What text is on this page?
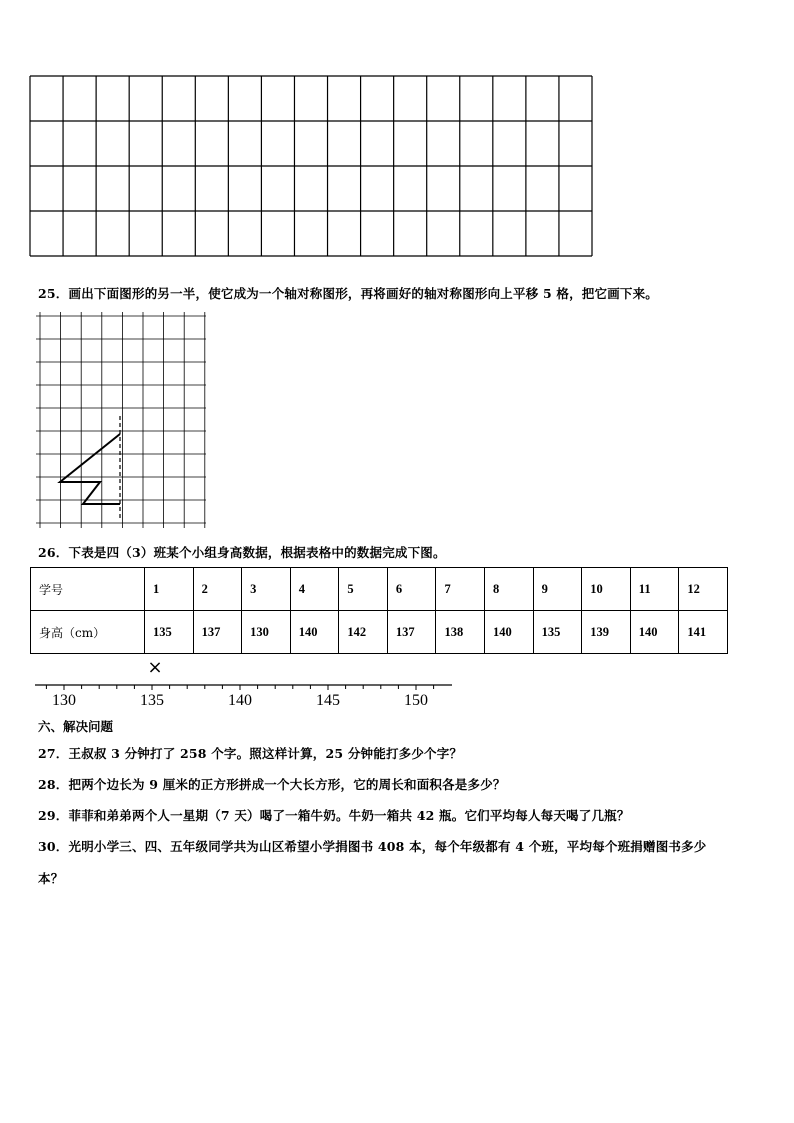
25．画出下面图形的另一半，使它成为一个轴对称图形，再将画好的轴对称图形向上平移 5 格，把它画下来。
26．下表是四（3）班某个小组身高数据，根据表格中的数据完成下图。
学号	1	2	3	4	5	6	7	8	9	10	11	12
身高（cm）	135	137	130	140	142	137	138	140	135	139	140	141
130	135	140	145	150
×
六、解决问题
27．王叔叔 3 分钟打了 258 个字。照这样计算，25 分钟能打多少个字？
28．把两个边长为 9 厘米的正方形拼成一个大长方形，它的周长和面积各是多少？
29．菲菲和弟弟两个人一星期（7 天）喝了一箱牛奶。牛奶一箱共 42 瓶。它们平均每人每天喝了几瓶？
30．光明小学三、四、五年级同学共为山区希望小学捐图书 408 本，每个年级都有 4 个班，平均每个班捐赠图书多少
本？
